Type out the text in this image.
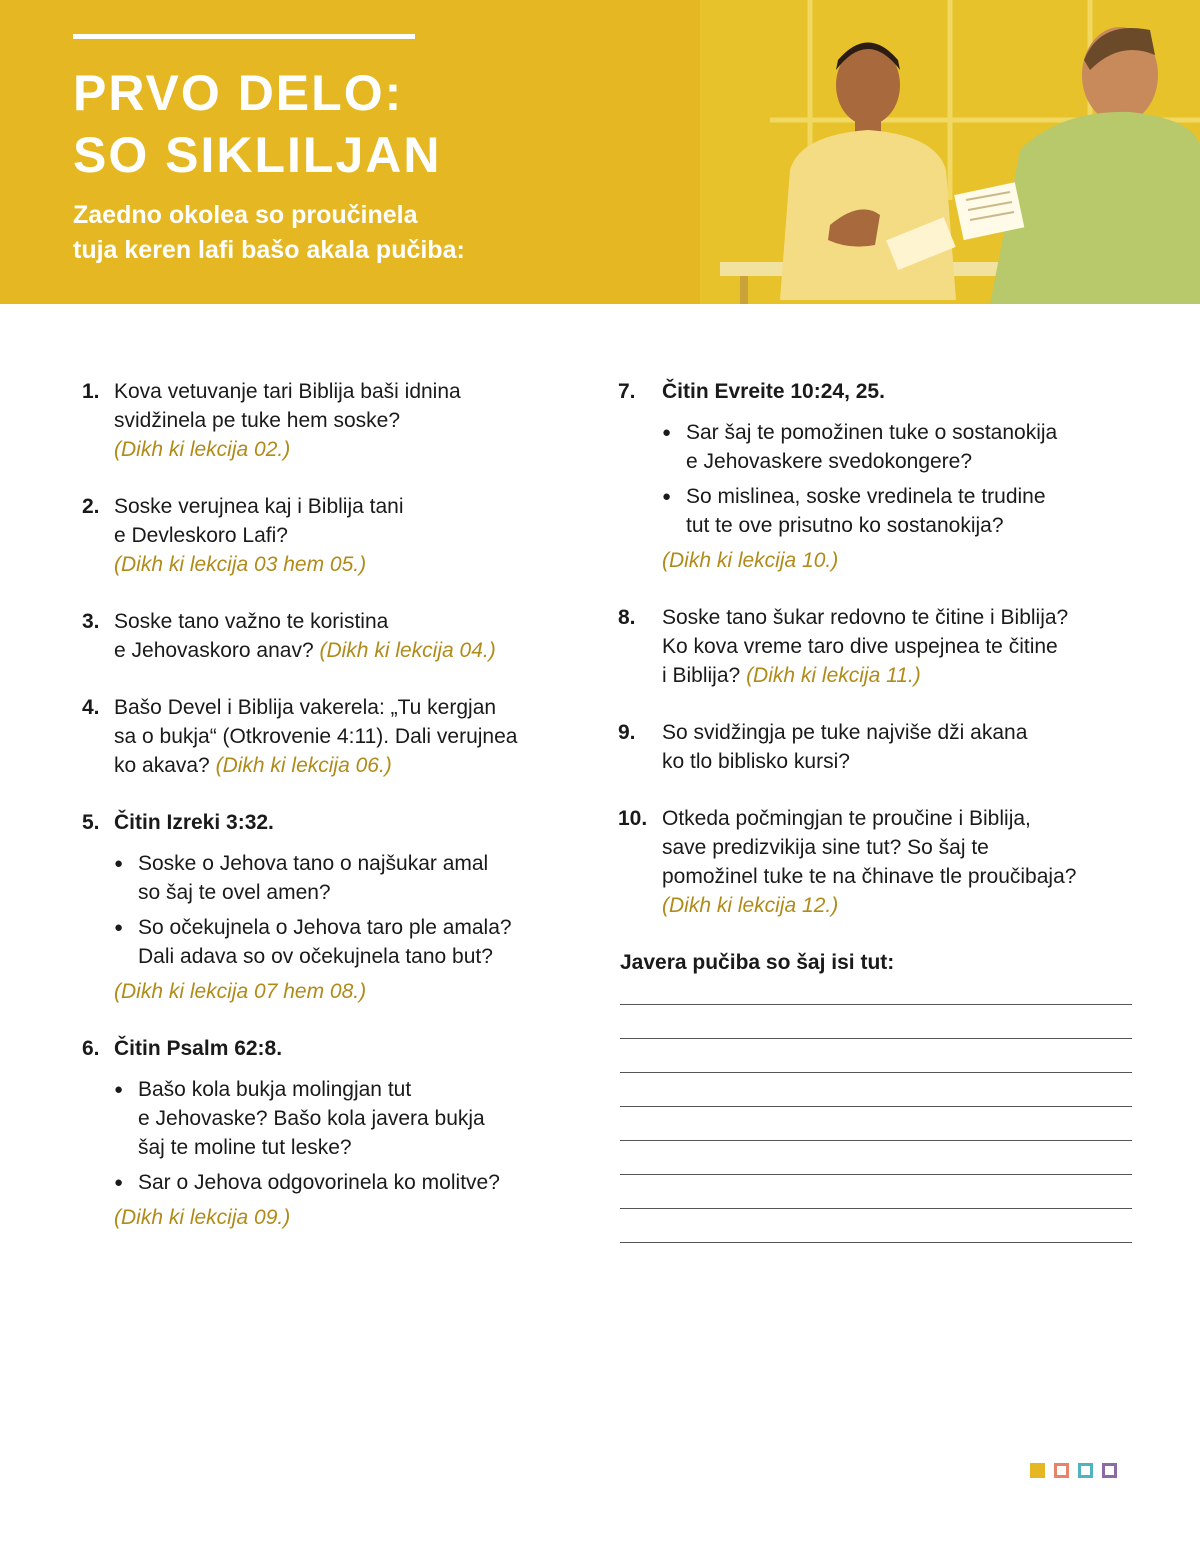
PRVO DELO:
SO SIKLILJAN

Zaedno okolea so proučinela
tuja keren lafi bašo akala pučiba:

1. Kova vetuvanje tari Biblija baši idnina
svidžinela pe tuke hem soske?
(Dikh ki lekcija 02.)
2. Soske verujnea kaj i Biblija tani
e Devleskoro Lafi?
(Dikh ki lekcija 03 hem 05.)
3. Soske tano važno te koristina
e Jehovaskoro anav? (Dikh ki lekcija 04.)
4. Bašo Devel i Biblija vakerela: „Tu kergjan
sa o bukja“ (Otkrovenie 4:11). Dali verujnea
ko akava? (Dikh ki lekcija 06.)
5. Čitin Izreki 3:32.
● Soske o Jehova tano o najšukar amal
so šaj te ovel amen?
● So očekujnela o Jehova taro ple amala?
Dali adava so ov očekujnela tano but?
(Dikh ki lekcija 07 hem 08.)
6. Čitin Psalm 62:8.
● Bašo kola bukja molingjan tut
e Jehovaske? Bašo kola javera bukja
šaj te moline tut leske?
● Sar o Jehova odgovorinela ko molitve?
(Dikh ki lekcija 09.)
7. Čitin Evreite 10:24, 25.
● Sar šaj te pomožinen tuke o sostanokija
e Jehovaskere svedokongere?
● So mislinea, soske vredinela te trudine
tut te ove prisutno ko sostanokija?
(Dikh ki lekcija 10.)
8. Soske tano šukar redovno te čitine i Biblija?
Ko kova vreme taro dive uspejnea te čitine
i Biblija? (Dikh ki lekcija 11.)
9. So svidžingja pe tuke najviše dži akana
ko tlo biblisko kursi?
10. Otkeda počmingjan te proučine i Biblija,
save predizvikija sine tut? So šaj te
pomožinel tuke te na čhinave tle proučibaja?
(Dikh ki lekcija 12.)
Javera pučiba so šaj isi tut:
